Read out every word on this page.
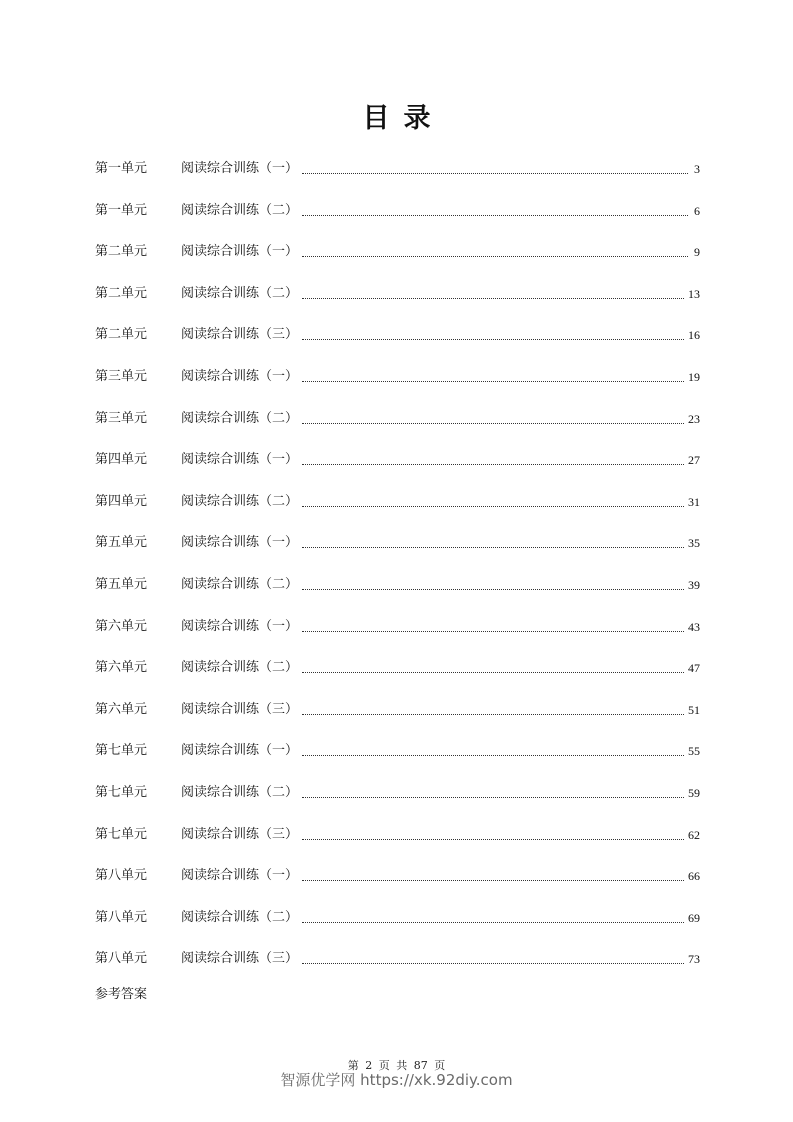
目录
第一单元	阅读综合训练（一）	3
第一单元	阅读综合训练（二）	6
第二单元	阅读综合训练（一）	9
第二单元	阅读综合训练（二）	13
第二单元	阅读综合训练（三）	16
第三单元	阅读综合训练（一）	19
第三单元	阅读综合训练（二）	23
第四单元	阅读综合训练（一）	27
第四单元	阅读综合训练（二）	31
第五单元	阅读综合训练（一）	35
第五单元	阅读综合训练（二）	39
第六单元	阅读综合训练（一）	43
第六单元	阅读综合训练（二）	47
第六单元	阅读综合训练（三）	51
第七单元	阅读综合训练（一）	55
第七单元	阅读综合训练（二）	59
第七单元	阅读综合训练（三）	62
第八单元	阅读综合训练（一）	66
第八单元	阅读综合训练（二）	69
第八单元	阅读综合训练（三）	73
参考答案
第 2 页 共 87 页
智源优学网 https://xk.92diy.com
